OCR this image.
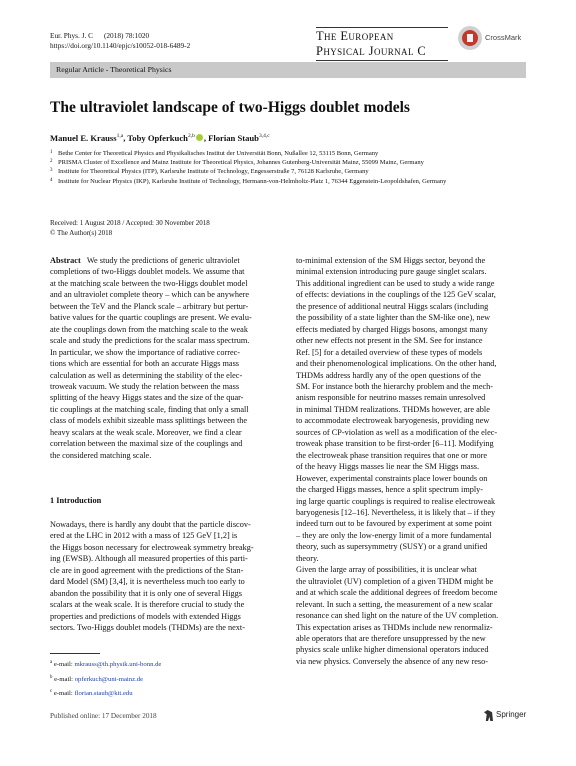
Eur. Phys. J. C (2018) 78:1020
https://doi.org/10.1140/epjc/s10052-018-6489-2
The European
Physical Journal C
CrossMark
Regular Article - Theoretical Physics
The ultraviolet landscape of two-Higgs doublet models
Manuel E. Krauss$^{1,a}$, Toby Opferkuch$^{2,b}$ , Florian Staub$^{3,4,c}$
1 Bethe Center for Theoretical Physics and Physikalisches Institut der Universität Bonn, Nußallee 12, 53115 Bonn, Germany
2 PRISMA Cluster of Excellence and Mainz Institute for Theoretical Physics, Johannes Gutenberg-Universität Mainz, 55099 Mainz, Germany
3 Institute for Theoretical Physics (ITP), Karlsruhe Institute of Technology, Engesserstraße 7, 76128 Karlsruhe, Germany
4 Institute for Nuclear Physics (IKP), Karlsruhe Institute of Technology, Hermann-von-Helmholtz-Platz 1, 76344 Eggenstein-Leopoldshafen, Germany
Received: 1 August 2018 / Accepted: 30 November 2018
© The Author(s) 2018
Abstract   We study the predictions of generic ultraviolet
completions of two-Higgs doublet models. We assume that
at the matching scale between the two-Higgs doublet model
and an ultraviolet complete theory – which can be anywhere
between the TeV and the Planck scale – arbitrary but pertur-
bative values for the quartic couplings are present. We evalu-
ate the couplings down from the matching scale to the weak
scale and study the predictions for the scalar mass spectrum.
In particular, we show the importance of radiative correc-
tions which are essential for both an accurate Higgs mass
calculation as well as determining the stability of the elec-
troweak vacuum. We study the relation between the mass
splitting of the heavy Higgs states and the size of the quar-
tic couplings at the matching scale, finding that only a small
class of models exhibit sizeable mass splittings between the
heavy scalars at the weak scale. Moreover, we find a clear
correlation between the maximal size of the couplings and
the considered matching scale.
1 Introduction
Nowadays, there is hardly any doubt that the particle discov-
ered at the LHC in 2012 with a mass of 125 GeV [1,2] is
the Higgs boson necessary for electroweak symmetry breakg-
ing (EWSB). Although all measured properties of this parti-
cle are in good agreement with the predictions of the Stan-
dard Model (SM) [3,4], it is nevertheless much too early to
abandon the possibility that it is only one of several Higgs
scalars at the weak scale. It is therefore crucial to study the
properties and predictions of models with extended Higgs
sectors. Two-Higgs doublet models (THDMs) are the next-
to-minimal extension of the SM Higgs sector, beyond the
minimal extension introducing pure gauge singlet scalars.
This additional ingredient can be used to study a wide range
of effects: deviations in the couplings of the 125 GeV scalar,
the presence of additional neutral Higgs scalars (including
the possibility of a state lighter than the SM-like one), new
effects mediated by charged Higgs bosons, amongst many
other new effects not present in the SM. See for instance
Ref. [5] for a detailed overview of these types of models
and their phenomenological implications. On the other hand,
THDMs address hardly any of the open questions of the
SM. For instance both the hierarchy problem and the mech-
anism responsible for neutrino masses remain unresolved
in minimal THDM realizations. THDMs however, are able
to accommodate electroweak baryogenesis, providing new
sources of CP-violation as well as a modification of the elec-
troweak phase transition to be first-order [6–11]. Modifying
the electroweak phase transition requires that one or more
of the heavy Higgs masses lie near the SM Higgs mass.
However, experimental constraints place lower bounds on
the charged Higgs masses, hence a split spectrum imply-
ing large quartic couplings is required to realise electroweak
baryogenesis [12–16]. Nevertheless, it is likely that – if they
indeed turn out to be favoured by experiment at some point
– they are only the low-energy limit of a more fundamental
theory, such as supersymmetry (SUSY) or a grand unified
theory.
Given the large array of possibilities, it is unclear what
the ultraviolet (UV) completion of a given THDM might be
and at which scale the additional degrees of freedom become
relevant. In such a setting, the measurement of a new scalar
resonance can shed light on the nature of the UV completion.
This expectation arises as THDMs include new renormaliz-
able operators that are therefore unsuppressed by the new
physics scale unlike higher dimensional operators induced
via new physics. Conversely the absence of any new reso-
$^a$ e-mail: mkrauss@th.physik.uni-bonn.de
$^b$ e-mail: opferkuch@uni-mainz.de
$^c$ e-mail: florian.staub@kit.edu
Published online: 17 December 2018	Springer
